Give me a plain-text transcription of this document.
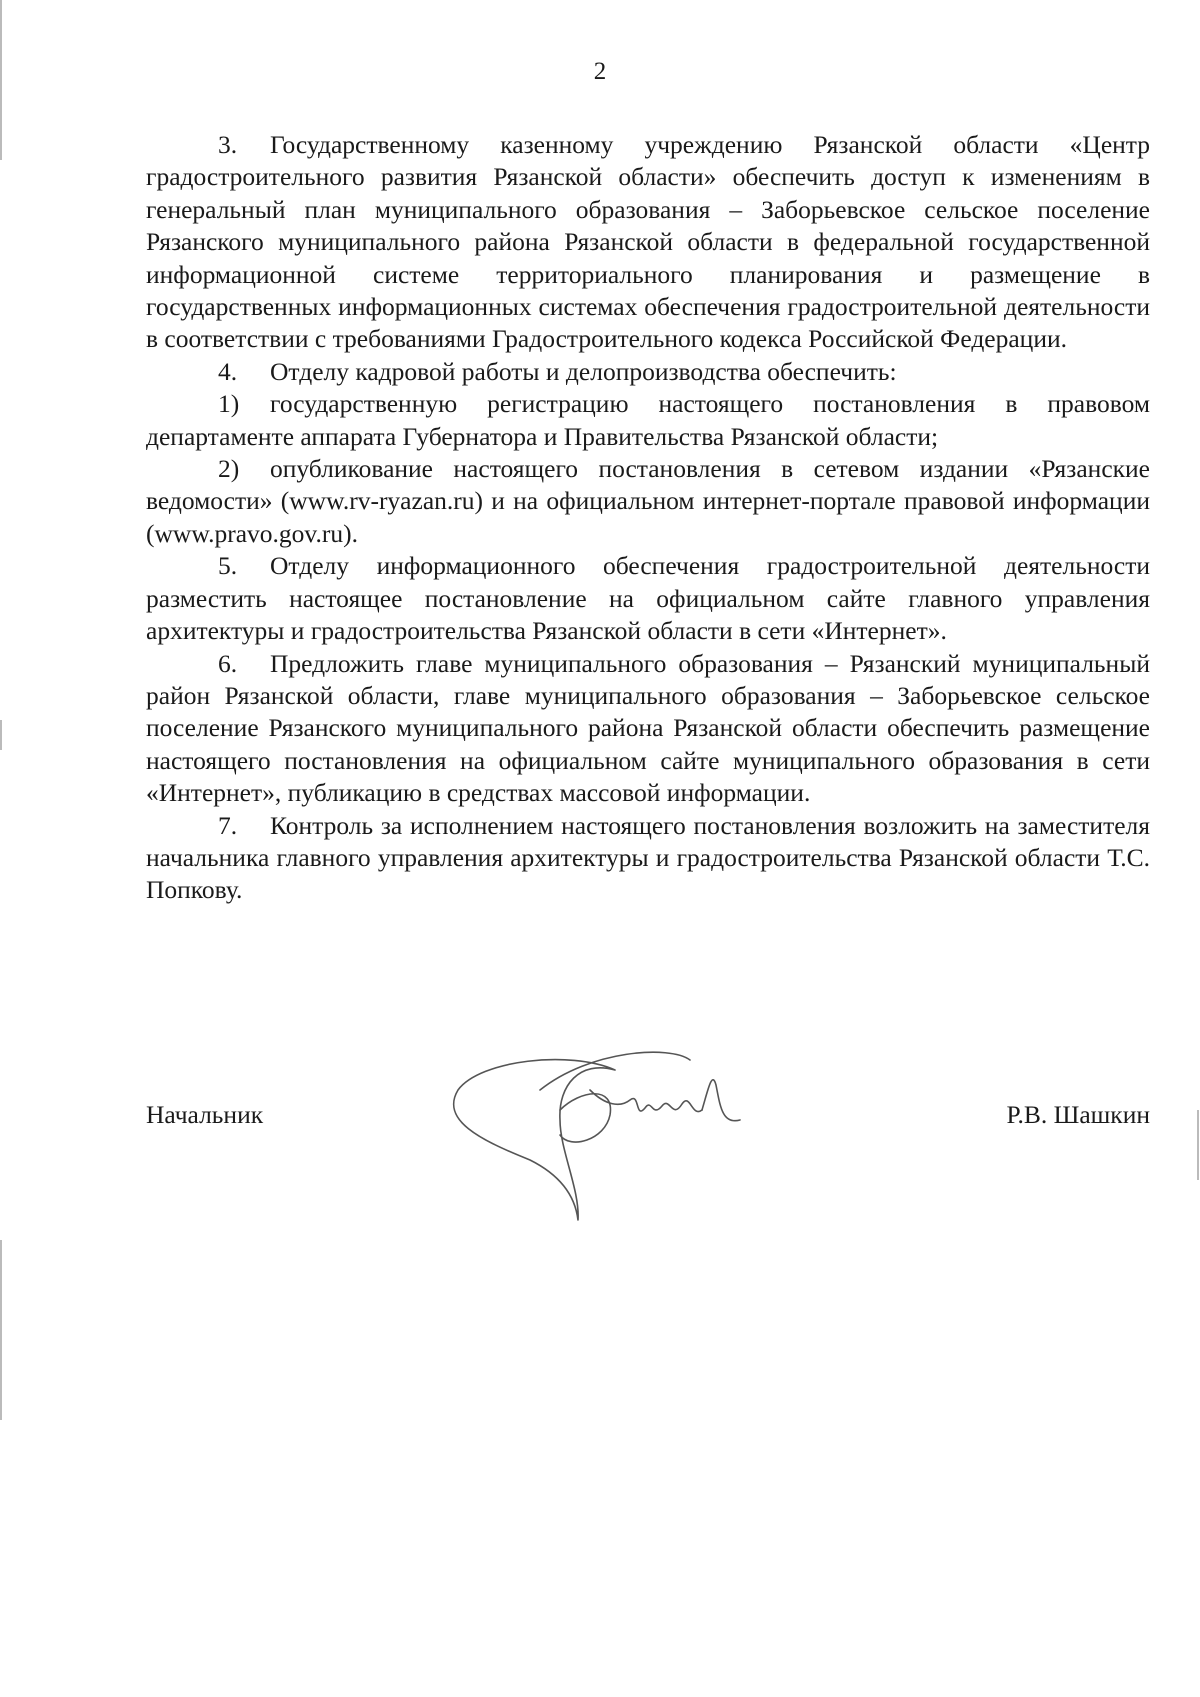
2

3. Государственному казенному учреждению Рязанской области «Центр градостроительного развития Рязанской области» обеспечить доступ к изменениям в генеральный план муниципального образования – Заборьевское сельское поселение Рязанского муниципального района Рязанской области в федеральной государственной информационной системе территориального планирования и размещение в государственных информационных системах обеспечения градостроительной деятельности в соответствии с требованиями Градостроительного кодекса Российской Федерации.

4. Отделу кадровой работы и делопроизводства обеспечить:

1) государственную регистрацию настоящего постановления в правовом департаменте аппарата Губернатора и Правительства Рязанской области;

2) опубликование настоящего постановления в сетевом издании «Рязанские ведомости» (www.rv-ryazan.ru) и на официальном интернет-портале правовой информации (www.pravo.gov.ru).

5. Отделу информационного обеспечения градостроительной деятельности разместить настоящее постановление на официальном сайте главного управления архитектуры и градостроительства Рязанской области в сети «Интернет».

6. Предложить главе муниципального образования – Рязанский муниципальный район Рязанской области, главе муниципального образования – Заборьевское сельское поселение Рязанского муниципального района Рязанской области обеспечить размещение настоящего постановления на официальном сайте муниципального образования в сети «Интернет», публикацию в средствах массовой информации.

7. Контроль за исполнением настоящего постановления возложить на заместителя начальника главного управления архитектуры и градостроительства Рязанской области Т.С. Попкову.

Начальник	Р.В. Шашкин
